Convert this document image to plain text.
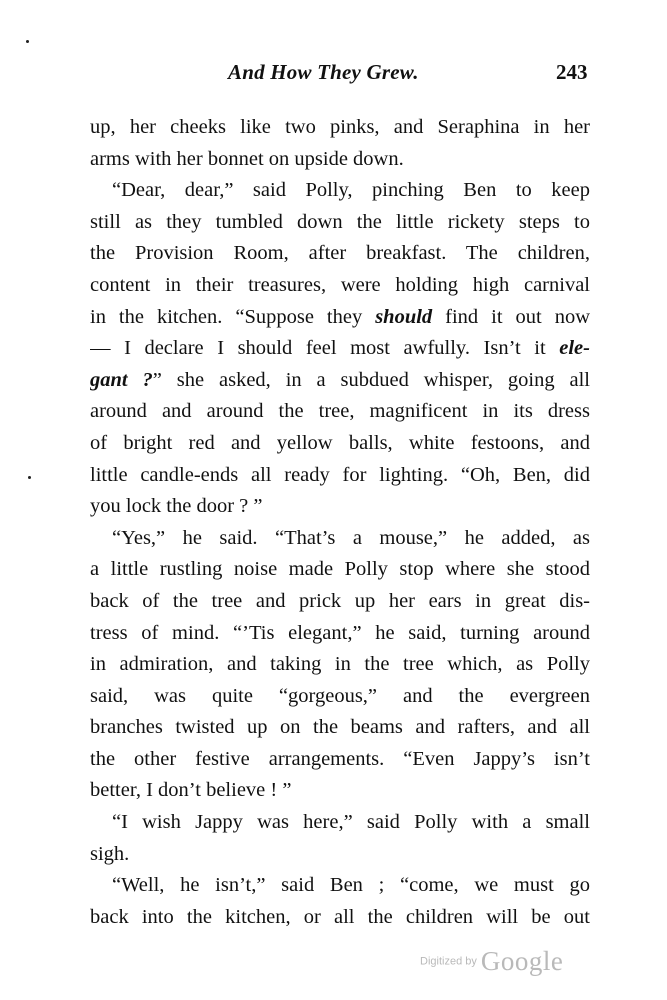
And How They Grew.	243
up, her cheeks like two pinks, and Seraphina in her
arms with her bonnet on upside down.
“Dear, dear,” said Polly, pinching Ben to keep
still as they tumbled down the little rickety steps to
the Provision Room, after breakfast. The children,
content in their treasures, were holding high carnival
in the kitchen. “Suppose they should find it out now
— I declare I should feel most awfully. Isn’t it ele-
gant ?” she asked, in a subdued whisper, going all
around and around the tree, magnificent in its dress
of bright red and yellow balls, white festoons, and
little candle-ends all ready for lighting. “Oh, Ben, did
you lock the door ? ”
“Yes,” he said. “That’s a mouse,” he added, as
a little rustling noise made Polly stop where she stood
back of the tree and prick up her ears in great dis-
tress of mind. “’Tis elegant,” he said, turning around
in admiration, and taking in the tree which, as Polly
said, was quite “gorgeous,” and the evergreen
branches twisted up on the beams and rafters, and all
the other festive arrangements. “Even Jappy’s isn’t
better, I don’t believe ! ”
“I wish Jappy was here,” said Polly with a small
sigh.
“Well, he isn’t,” said Ben ; “come, we must go
back into the kitchen, or all the children will be out
Digitized by Google
